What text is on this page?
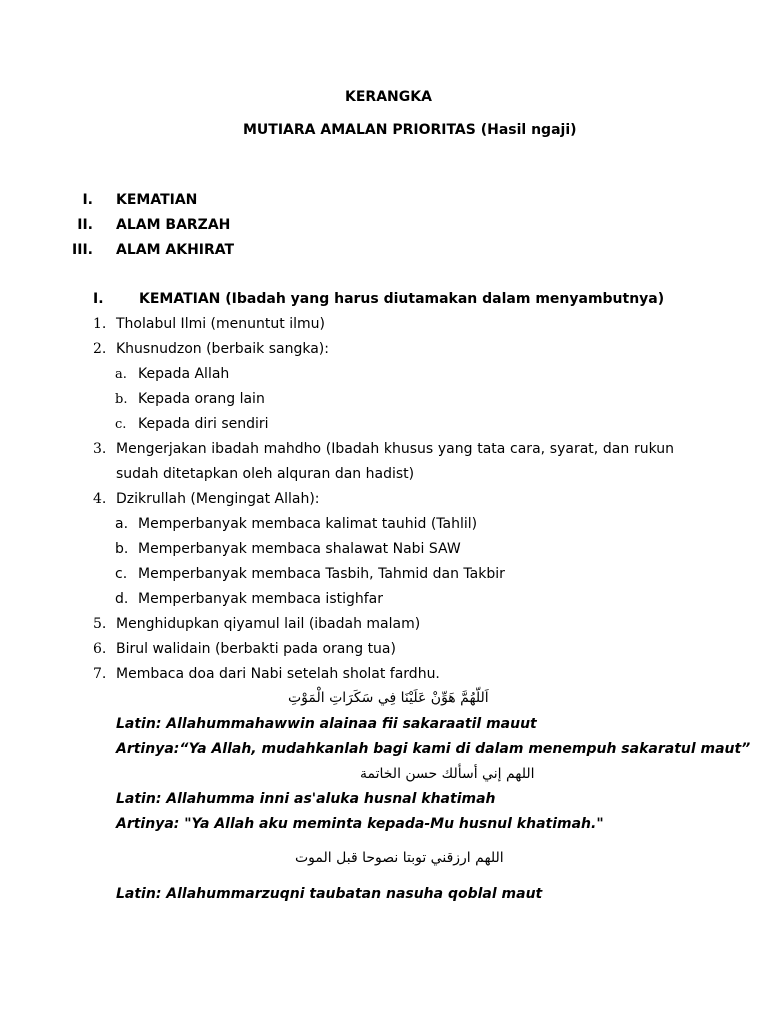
KERANGKA
MUTIARA AMALAN PRIORITAS (Hasil ngaji)
I. KEMATIAN
II. ALAM BARZAH
III. ALAM AKHIRAT
I.	KEMATIAN (Ibadah yang harus diutamakan dalam menyambutnya)
1. Tholabul Ilmi (menuntut ilmu)
2. Khusnudzon (berbaik sangka):
a. Kepada Allah
b. Kepada orang lain
c. Kepada diri sendiri
3. Mengerjakan ibadah mahdho (Ibadah khusus yang tata cara, syarat, dan rukun
sudah ditetapkan oleh alquran dan hadist)
4. Dzikrullah (Mengingat Allah):
a. Memperbanyak membaca kalimat tauhid (Tahlil)
b. Memperbanyak membaca shalawat Nabi SAW
c. Memperbanyak membaca Tasbih, Tahmid dan Takbir
d. Memperbanyak membaca istighfar
5. Menghidupkan qiyamul lail (ibadah malam)
6. Birul walidain (berbakti pada orang tua)
7. Membaca doa dari Nabi setelah sholat fardhu.
اَللّهُمَّ هَوِّنْ عَلَيْنَا فِي سَكَرَاتِ الْمَوْتِ
Latin: Allahummahawwin alainaa fii sakaraatil mauut
Artinya:“Ya Allah, mudahkanlah bagi kami di dalam menempuh sakaratul maut”
اللهم إني أسألك حسن الخاتمة
Latin: Allahumma inni as'aluka husnal khatimah
Artinya: "Ya Allah aku meminta kepada-Mu husnul khatimah."
اللهم ارزقني توبتا نصوحا قبل الموت
Latin: Allahummarzuqni taubatan nasuha qoblal maut
